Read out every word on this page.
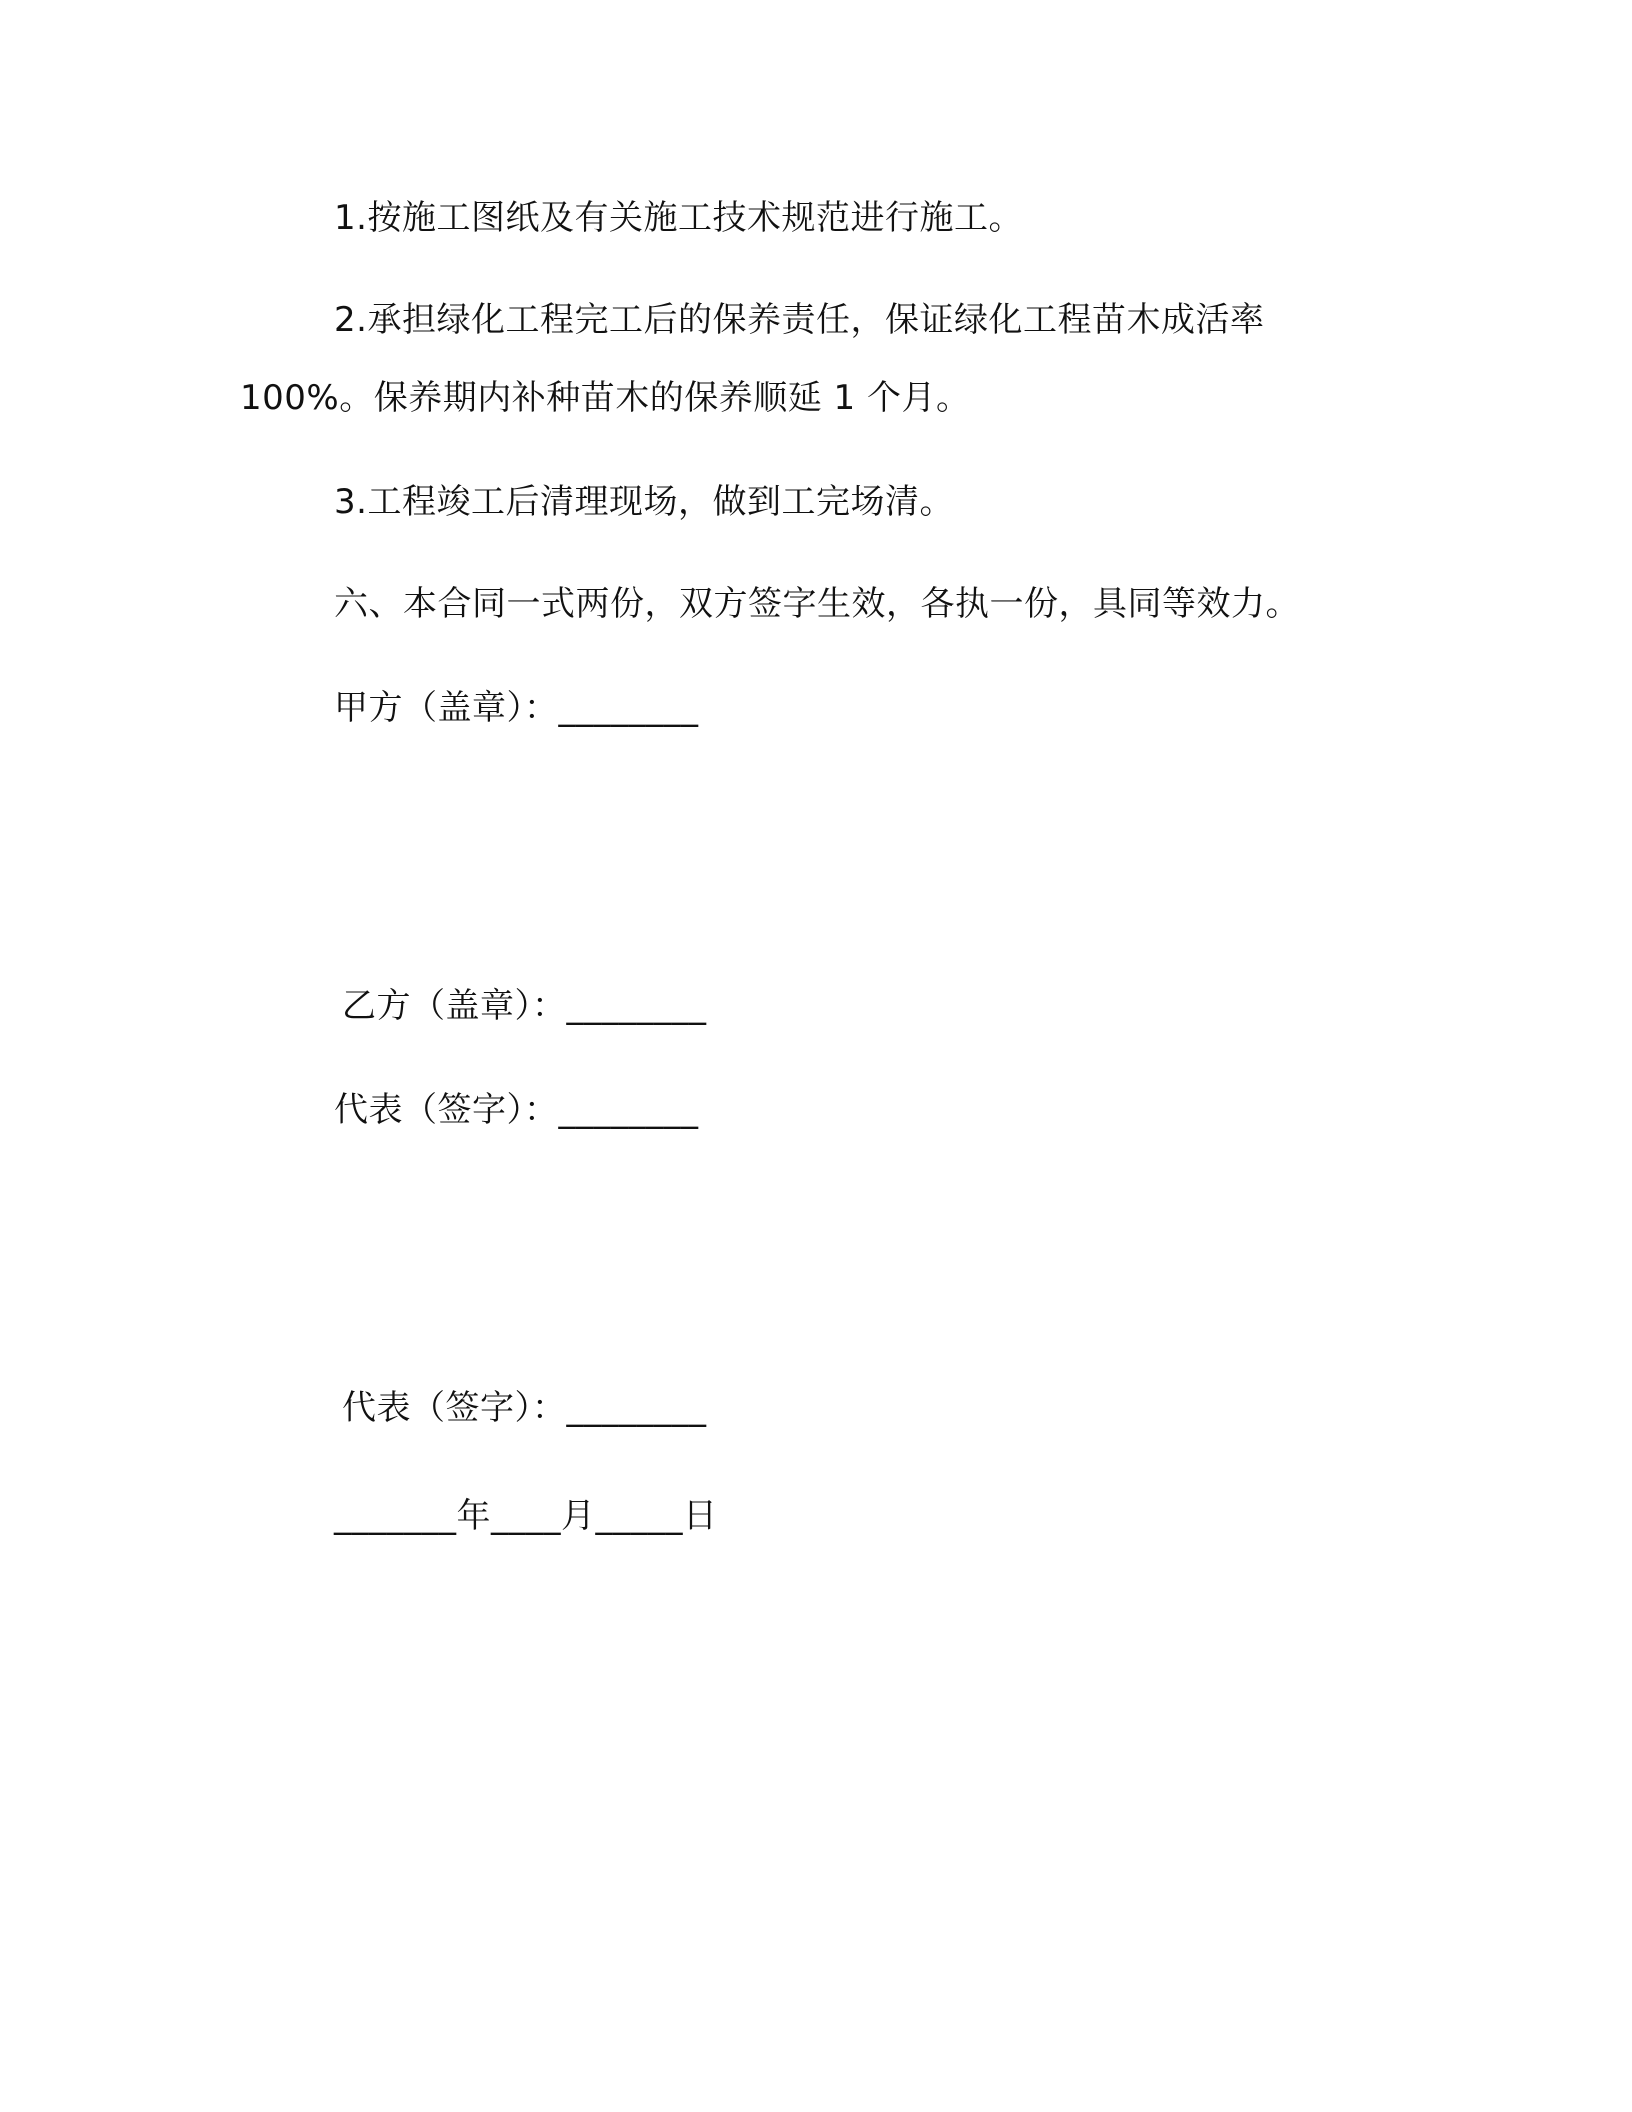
1.按施工图纸及有关施工技术规范进行施工。
2.承担绿化工程完工后的保养责任，保证绿化工程苗木成活率
100%。保养期内补种苗木的保养顺延 1 个月。
3.工程竣工后清理现场，做到工完场清。
六、本合同一式两份，双方签字生效，各执一份，具同等效力。
甲方（盖章）：________
乙方（盖章）：________
代表（签字）：________
代表（签字）：________
_______年____月_____日
